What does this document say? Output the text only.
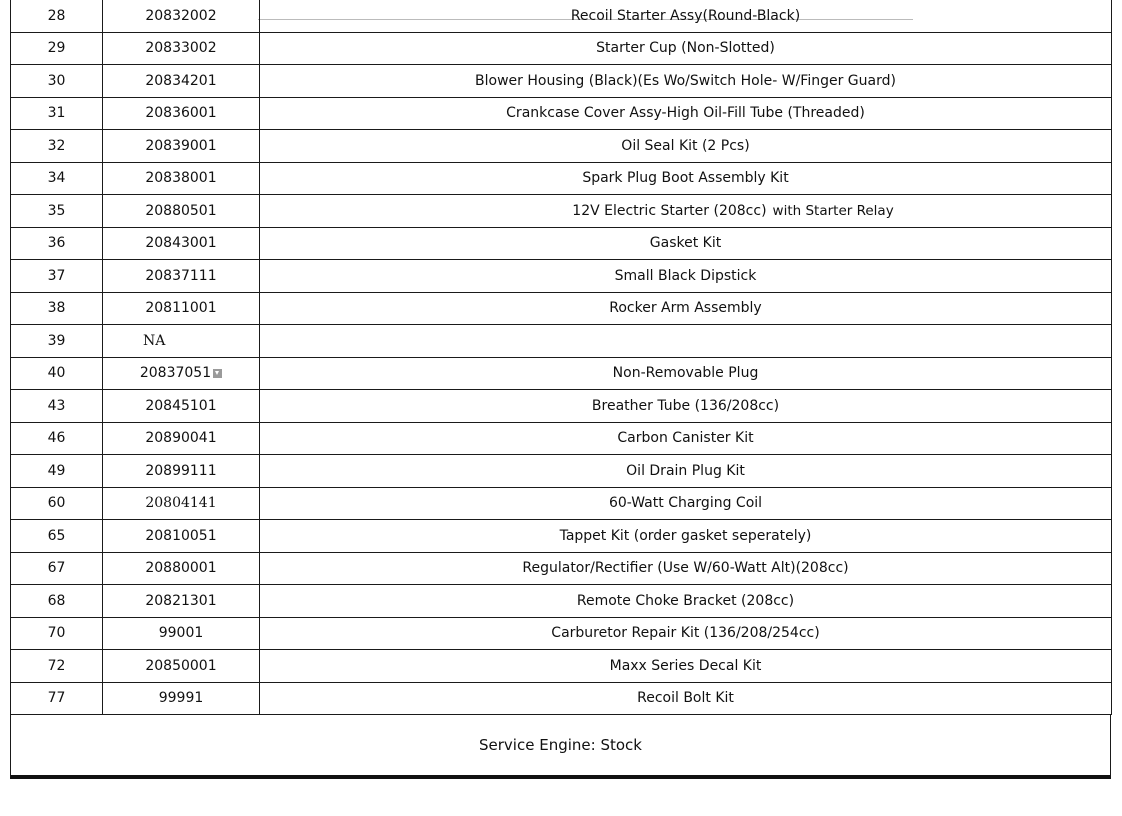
28	20832002	Recoil Starter Assy(Round-Black)
29	20833002	Starter Cup (Non-Slotted)
30	20834201	Blower Housing (Black)(Es Wo/Switch Hole- W/Finger Guard)
31	20836001	Crankcase Cover Assy-High Oil-Fill Tube (Threaded)
32	20839001	Oil Seal Kit (2 Pcs)
34	20838001	Spark Plug Boot Assembly Kit
35	20880501	12V Electric Starter (208cc) with Starter Relay
36	20843001	Gasket Kit
37	20837111	Small Black Dipstick
38	20811001	Rocker Arm Assembly
39	NA	
40	20837051	Non-Removable Plug
43	20845101	Breather Tube (136/208cc)
46	20890041	Carbon Canister Kit
49	20899111	Oil Drain Plug Kit
60	20804141	60-Watt Charging Coil
65	20810051	Tappet Kit (order gasket seperately)
67	20880001	Regulator/Rectifier (Use W/60-Watt Alt)(208cc)
68	20821301	Remote Choke Bracket (208cc)
70	99001	Carburetor Repair Kit (136/208/254cc)
72	20850001	Maxx Series Decal Kit
77	99991	Recoil Bolt Kit
Service Engine: Stock
